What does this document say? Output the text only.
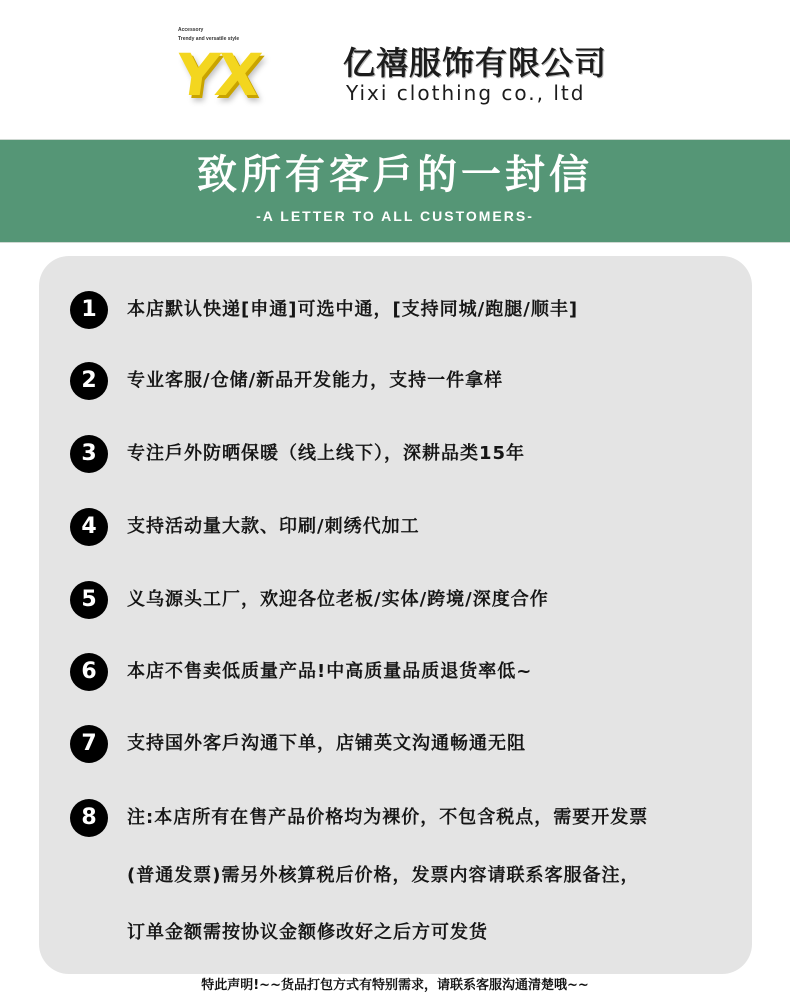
Accessory
Trendy and versatile style
YX 亿禧服饰有限公司
Yixi clothing co., ltd
致所有客戶的一封信
-A LETTER TO ALL CUSTOMERS-
1	本店默认快递[申通]可选中通，[支持同城/跑腿/顺丰]
2	专业客服/仓储/新品开发能力，支持一件拿样
3	专注戶外防晒保暖（线上线下），深耕品类15年
4	支持活动量大款、印刷/刺绣代加工
5	义乌源头工厂，欢迎各位老板/实体/跨境/深度合作
6	本店不售卖低质量产品!中高质量品质退货率低~
7	支持国外客戶沟通下单，店铺英文沟通畅通无阻
8	注:本店所有在售产品价格均为裸价，不包含税点，需要开发票
(普通发票)需另外核算税后价格，发票内容请联系客服备注，
订单金额需按协议金额修改好之后方可发货
特此声明!~~货品打包方式有特别需求，请联系客服沟通清楚哦~~
